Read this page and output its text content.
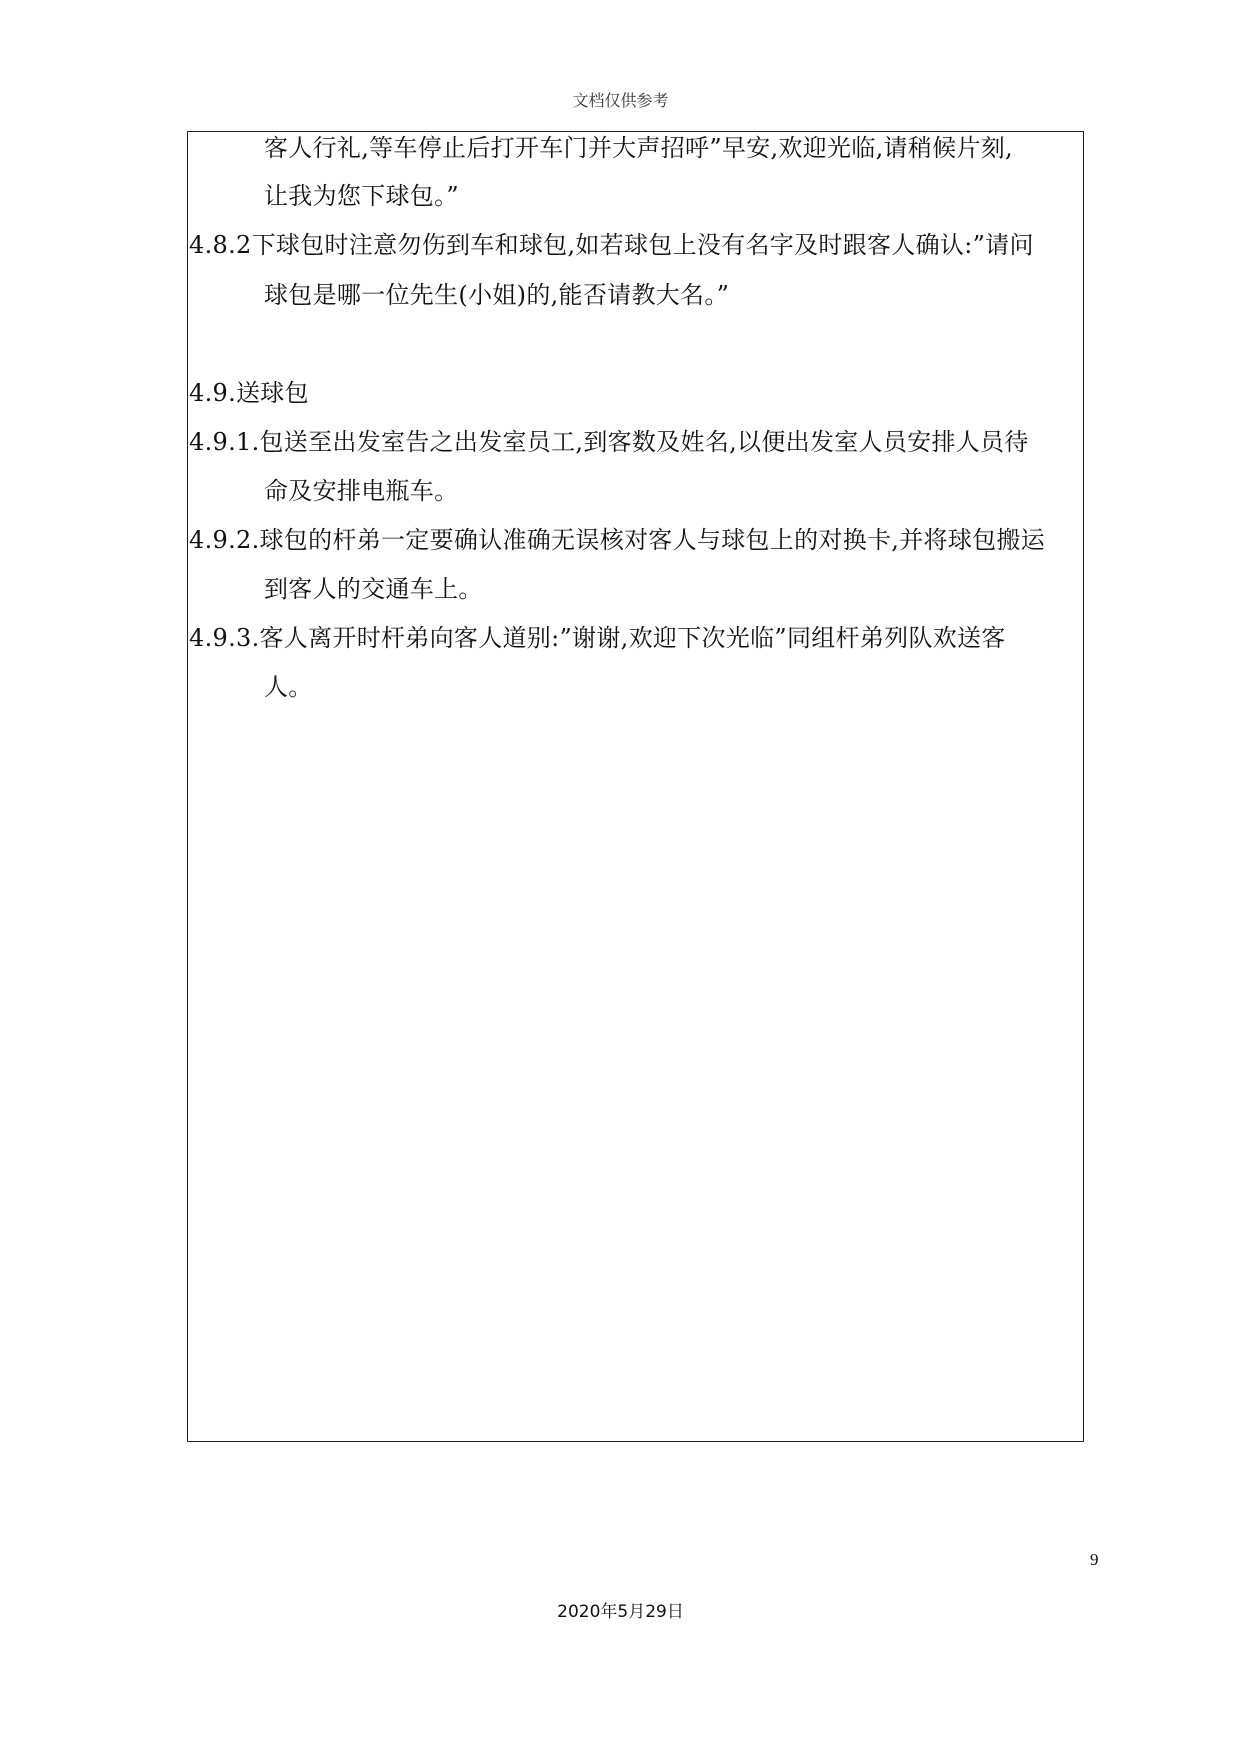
文档仅供参考
客人行礼,等车停止后打开车门并大声招呼”早安,欢迎光临,请稍候片刻,
让我为您下球包。”
4.8.2下球包时注意勿伤到车和球包,如若球包上没有名字及时跟客人确认:”请问
球包是哪一位先生(小姐)的,能否请教大名。”
4.9.送球包
4.9.1.包送至出发室告之出发室员工,到客数及姓名,以便出发室人员安排人员待
命及安排电瓶车。
4.9.2.球包的杆弟一定要确认准确无误核对客人与球包上的对换卡,并将球包搬运
到客人的交通车上。
4.9.3.客人离开时杆弟向客人道别:”谢谢,欢迎下次光临”同组杆弟列队欢送客
人。
9
2020年5月29日
